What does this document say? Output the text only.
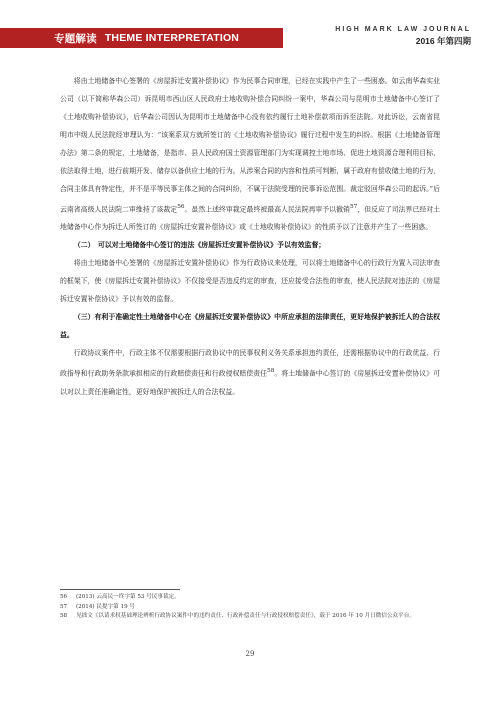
专题解读 THEME INTERPRETATION
HIGH MARK LAW JOURNAL
2016 年第四期

将由土地储备中心签署的《房屋拆迁安置补偿协议》作为民事合同审理，已经在实践中产生了一些困惑。如云南华森实业公司（以下简称华森公司）诉昆明市西山区人民政府土地收购补偿合同纠纷一案中，华森公司与昆明市土地储备中心签订了《土地收购补偿协议》，后华森公司因认为昆明市土地储备中心没有依约履行土地补偿款项而诉至法院。对此诉讼，云南省昆明市中级人民法院经审理认为：“该案系双方就所签订的《土地收购补偿协议》履行过程中发生的纠纷。根据《土地储备管理办法》第二条的规定，土地储备，是指市、县人民政府国土资源管理部门为实现调控土地市场、促进土地资源合理利用目标，依法取得土地，进行前期开发、储存以备供应土地的行为。从涉案合同的内容和性质可判断，属于政府有偿收储土地的行为，合同主体具有特定性，并不是平等民事主体之间的合同纠纷，不属于法院受理的民事诉讼范围。裁定驳回华森公司的起诉。”后云南省高级人民法院二审维持了该裁定$^{56}$。虽然上述终审裁定最终被最高人民法院再审予以撤销$^{57}$，但反应了司法界已经对土地储备中心作为拆迁人所签订的《房屋拆迁安置补偿协议》或《土地收购补偿协议》的性质予以了注意并产生了一些困惑。

（二）　可以对土地储备中心签订的违法《房屋拆迁安置补偿协议》予以有效监督；

将由土地储备中心签署的《房屋拆迁安置补偿协议》作为行政协议来处理，可以将土地储备中心的行政行为置入司法审查的框架下，使《房屋拆迁安置补偿协议》不仅接受是否违反约定的审查，还应接受合法性的审查，使人民法院对违法的《房屋拆迁安置补偿协议》予以有效的监督。

（三）有利于准确定性土地储备中心在《房屋拆迁安置补偿协议》中所应承担的法律责任，更好地保护被拆迁人的合法权益。

行政协议案件中，行政主体不仅需要根据行政协议中的民事权利义务关系承担违约责任，还需根据协议中的行政优益、行政指导和行政助务条款承担相应的行政赔偿责任和行政侵权赔偿责任$^{58}$。将土地储备中心签订的《房屋拆迁安置补偿协议》可以对以上责任准确定性，更好地保护被拆迁人的合法权益。

56 (2013) 云高民一终字第 53 号民事裁定。
57 (2014) 民提字第 19 号
58 见拙文《以请求权基础理论辨析行政协议案件中的违约责任、行政补偿责任与行政侵权赔偿责任》，载于 2016 年 10 月日微信公众平台。
29
